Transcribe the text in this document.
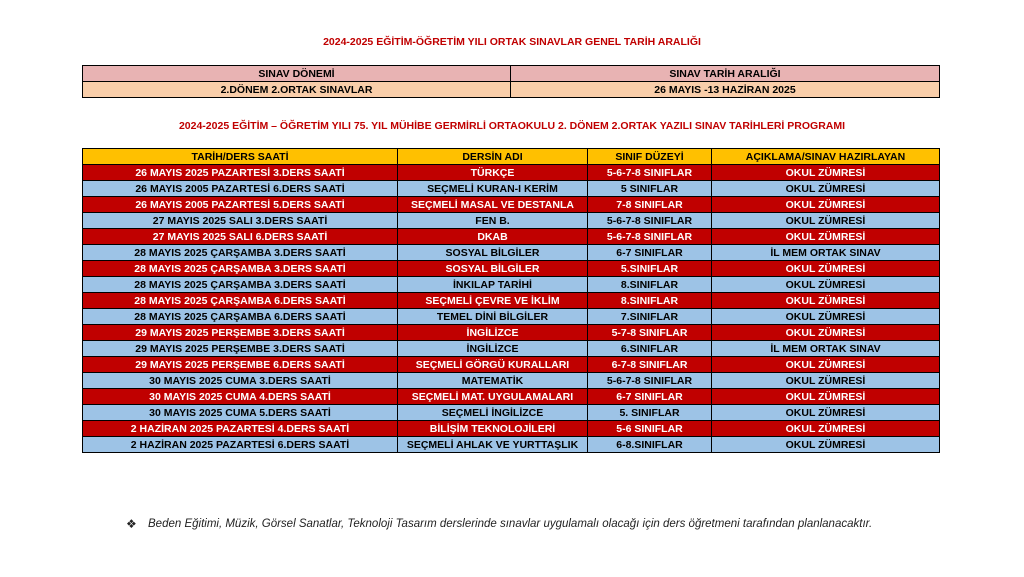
2024-2025 EĞİTİM-ÖĞRETİM YILI ORTAK SINAVLAR GENEL TARİH ARALIĞI
SINAV DÖNEMİ	SINAV TARİH ARALIĞI
2.DÖNEM 2.ORTAK SINAVLAR	26 MAYIS -13 HAZİRAN 2025
2024-2025 EĞİTİM – ÖĞRETİM YILI 75. YIL MÜHİBE GERMİRLİ ORTAOKULU 2. DÖNEM 2.ORTAK YAZILI SINAV TARİHLERİ PROGRAMI
TARİH/DERS SAATİ	DERSİN ADI	SINIF DÜZEYİ	AÇIKLAMA/SINAV HAZIRLAYAN
26 MAYIS 2025 PAZARTESİ 3.DERS SAATİ	TÜRKÇE	5-6-7-8 SINIFLAR	OKUL ZÜMRESİ
26 MAYIS 2005 PAZARTESİ 6.DERS SAATİ	SEÇMELİ KURAN-I KERİM	5 SINIFLAR	OKUL ZÜMRESİ
26 MAYIS 2005 PAZARTESİ 5.DERS SAATİ	SEÇMELİ MASAL VE DESTANLA	7-8 SINIFLAR	OKUL ZÜMRESİ
27 MAYIS 2025 SALI 3.DERS SAATİ	FEN B.	5-6-7-8 SINIFLAR	OKUL ZÜMRESİ
27 MAYIS 2025 SALI 6.DERS SAATİ	DKAB	5-6-7-8 SINIFLAR	OKUL ZÜMRESİ
28 MAYIS 2025 ÇARŞAMBA 3.DERS SAATİ	SOSYAL BİLGİLER	6-7 SINIFLAR	İL MEM ORTAK SINAV
28 MAYIS 2025 ÇARŞAMBA 3.DERS SAATİ	SOSYAL BİLGİLER	5.SINIFLAR	OKUL ZÜMRESİ
28 MAYIS 2025 ÇARŞAMBA 3.DERS SAATİ	İNKILAP TARİHİ	8.SINIFLAR	OKUL ZÜMRESİ
28 MAYIS 2025 ÇARŞAMBA 6.DERS SAATİ	SEÇMELİ ÇEVRE VE İKLİM	8.SINIFLAR	OKUL ZÜMRESİ
28 MAYIS 2025 ÇARŞAMBA 6.DERS SAATİ	TEMEL DİNİ BİLGİLER	7.SINIFLAR	OKUL ZÜMRESİ
29 MAYIS 2025 PERŞEMBE 3.DERS SAATİ	İNGİLİZCE	5-7-8 SINIFLAR	OKUL ZÜMRESİ
29 MAYIS 2025 PERŞEMBE 3.DERS SAATİ	İNGİLİZCE	6.SINIFLAR	İL MEM ORTAK SINAV
29 MAYIS 2025 PERŞEMBE 6.DERS SAATİ	SEÇMELİ GÖRGÜ KURALLARI	6-7-8 SINIFLAR	OKUL ZÜMRESİ
30 MAYIS 2025 CUMA 3.DERS SAATİ	MATEMATİK	5-6-7-8 SINIFLAR	OKUL ZÜMRESİ
30 MAYIS 2025 CUMA 4.DERS SAATİ	SEÇMELİ MAT. UYGULAMALARI	6-7 SINIFLAR	OKUL ZÜMRESİ
30 MAYIS 2025 CUMA 5.DERS SAATİ	SEÇMELİ İNGİLİZCE	5. SINIFLAR	OKUL ZÜMRESİ
2 HAZİRAN 2025 PAZARTESİ 4.DERS SAATİ	BİLİŞİM TEKNOLOJİLERİ	5-6 SINIFLAR	OKUL ZÜMRESİ
2 HAZİRAN 2025 PAZARTESİ 6.DERS SAATİ	SEÇMELİ AHLAK VE YURTTAŞLIK	6-8.SINIFLAR	OKUL ZÜMRESİ
❖ Beden Eğitimi, Müzik, Görsel Sanatlar, Teknoloji Tasarım derslerinde sınavlar uygulamalı olacağı için ders öğretmeni tarafından planlanacaktır.
